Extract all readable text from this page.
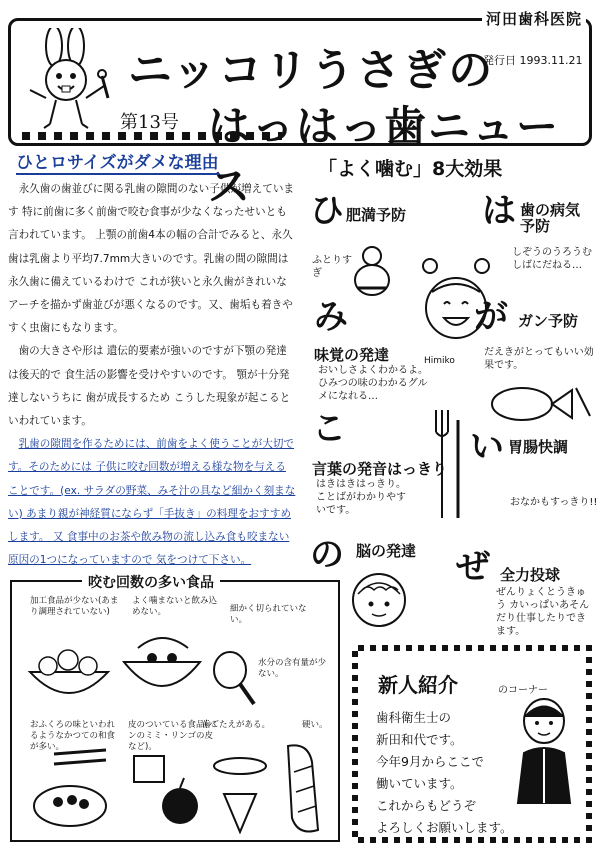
河田歯科医院
ニッコリうさぎの
第13号 はっはっ歯ニュース
発行日 1993.11.21
ひとロサイズがダメな理由

永久歯の歯並びに関る乳歯の隙間のない子供が増えています 特に前歯に多く前歯で咬む食事が少なくなったせいとも言われています。 上顎の前歯4本の幅の合計でみると、永久歯は乳歯より平均7.7mm大きいのです。乳歯の間の隙間は永久歯に備えているわけで これが狭いと永久歯がきれいなアーチを描かず歯並びが悪くなるのです。又、歯垢も着きやすく虫歯にもなります。

歯の大きさや形は 遺伝的要素が強いのですが下顎の発達は後天的で 食生活の影響を受けやすいのです。 顎が十分発達しないうちに 歯が成長するため こうした現象が起こるといわれています。

乳歯の隙間を作るためには、前歯をよく使うことが大切です。そのためには 子供に咬む回数が増える様な物を与えることです。(ex. サラダの野菜、みそ汁の具など細かく刻まない) あまり親が神経質にならず「手抜き」の料理をおすすめします。 又 食事中のお茶や飲み物の流し込み食も咬まない原因の1つになっていますので 気をつけて下さい。

「よく噛む」8大効果
ひ 肥満予防
ふとりすぎ
は 歯の病気予防
しぞうのうろうむしばにだねる…
Himiko
み
味覚の発達
おいしさよくわかるよ。ひみつの味のわかるグルメになれる…
が ガン予防
だえきがとってもいい効果です。
こ
言葉の発音はっきり
はきはきはっきり。ことばがわかりやすいです。
い 胃腸快調
おなかもすっきり!!
の 脳の発達 ぜ 全力投球
ぜんりょくとうきゅう カいっぱいあそんだり仕事したりできます。
咬む回数の多い食品
加工食品が少ない(あまり調理されていない)
よく噛まないと飲み込めない。	細かく切られていない。
水分の含有量が少ない。
おふくろの味といわれるようなかつての和食が多い。
皮のついている食品(パンのミミ・リンゴの皮など)。
歯ごたえがある。	硬い。
新人紹介	のコーナー
歯科衛生士の
新田和代です。
今年9月からここで
働いています。
これからもどうぞ
よろしくお願いします。
